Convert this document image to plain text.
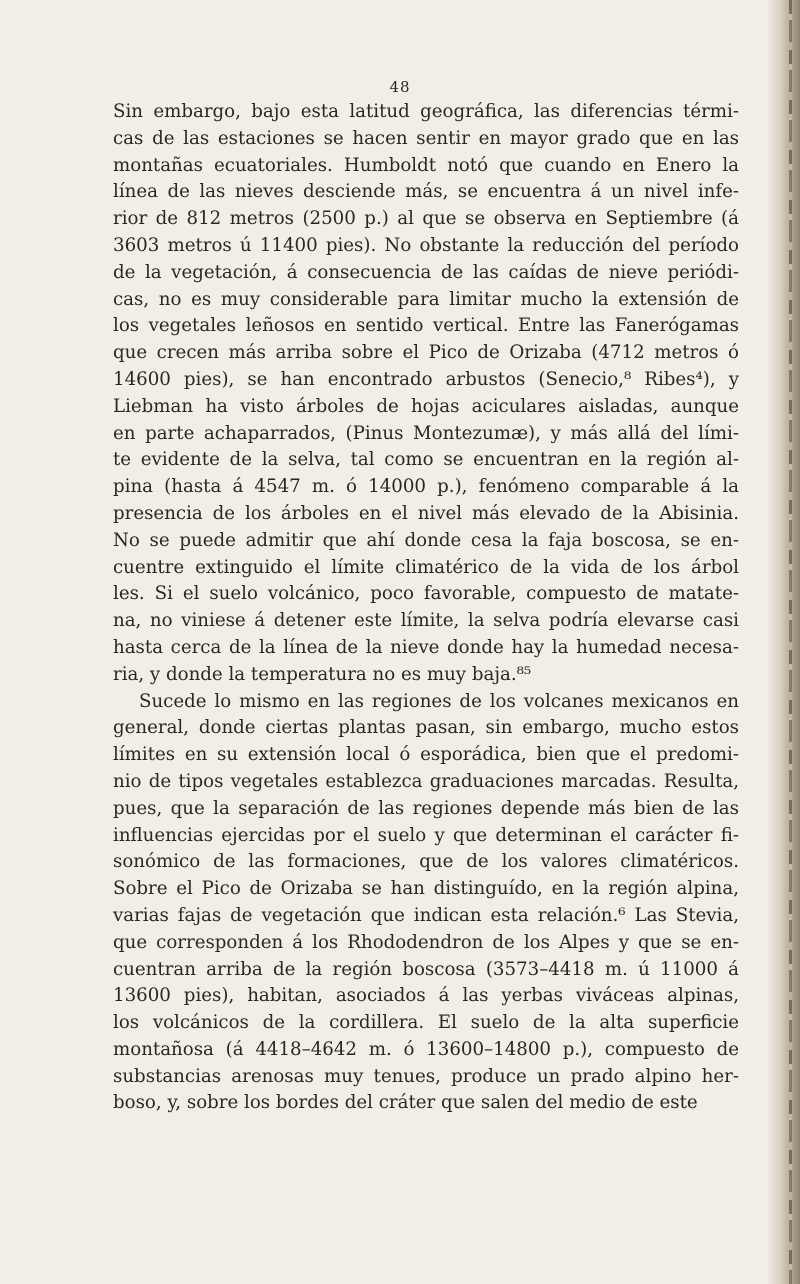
48
Sin embargo, bajo esta latitud geográfica, las diferencias térmi-
cas de las estaciones se hacen sentir en mayor grado que en las
montañas ecuatoriales. Humboldt notó que cuando en Enero la
línea de las nieves desciende más, se encuentra á un nivel infe-
rior de 812 metros (2500 p.) al que se observa en Septiembre (á
3603 metros ú 11400 pies). No obstante la reducción del período
de la vegetación, á consecuencia de las caídas de nieve periódi-
cas, no es muy considerable para limitar mucho la extensión de
los vegetales leñosos en sentido vertical. Entre las Fanerógamas
que crecen más arriba sobre el Pico de Orizaba (4712 metros ó
14600 pies), se han encontrado arbustos (Senecio,⁸ Ribes⁴), y
Liebman ha visto árboles de hojas aciculares aisladas, aunque
en parte achaparrados, (Pinus Montezumæ), y más allá del lími-
te evidente de la selva, tal como se encuentran en la región al-
pina (hasta á 4547 m. ó 14000 p.), fenómeno comparable á la
presencia de los árboles en el nivel más elevado de la Abisinia.
No se puede admitir que ahí donde cesa la faja boscosa, se en-
cuentre extinguido el límite climatérico de la vida de los árbol
les. Si el suelo volcánico, poco favorable, compuesto de matate-
na, no viniese á detener este límite, la selva podría elevarse casi
hasta cerca de la línea de la nieve donde hay la humedad necesa-
ria, y donde la temperatura no es muy baja.⁸⁵
Sucede lo mismo en las regiones de los volcanes mexicanos en
general, donde ciertas plantas pasan, sin embargo, mucho estos
límites en su extensión local ó esporádica, bien que el predomi-
nio de tipos vegetales establezca graduaciones marcadas. Resulta,
pues, que la separación de las regiones depende más bien de las
influencias ejercidas por el suelo y que determinan el carácter fi-
sonómico de las formaciones, que de los valores climatéricos.
Sobre el Pico de Orizaba se han distinguído, en la región alpina,
varias fajas de vegetación que indican esta relación.⁶ Las Stevia,
que corresponden á los Rhododendron de los Alpes y que se en-
cuentran arriba de la región boscosa (3573–4418 m. ú 11000 á
13600 pies), habitan, asociados á las yerbas viváceas alpinas,
los volcánicos de la cordillera. El suelo de la alta superficie
montañosa (á 4418–4642 m. ó 13600–14800 p.), compuesto de
substancias arenosas muy tenues, produce un prado alpino her-
boso, y, sobre los bordes del cráter que salen del medio de este
